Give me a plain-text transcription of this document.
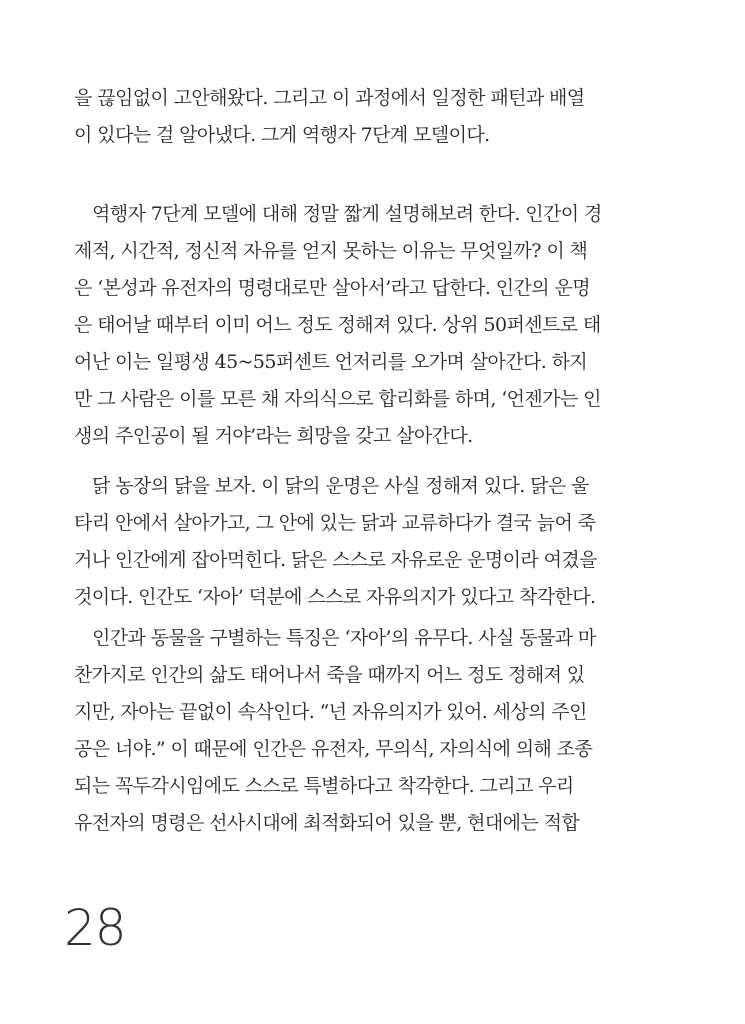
을 끊임없이 고안해왔다. 그리고 이 과정에서 일정한 패턴과 배열
이 있다는 걸 알아냈다. 그게 역행자 7단계 모델이다.
역행자 7단계 모델에 대해 정말 짧게 설명해보려 한다. 인간이 경
제적, 시간적, 정신적 자유를 얻지 못하는 이유는 무엇일까? 이 책
은 ‘본성과 유전자의 명령대로만 살아서’라고 답한다. 인간의 운명
은 태어날 때부터 이미 어느 정도 정해져 있다. 상위 50퍼센트로 태
어난 이는 일평생 45~55퍼센트 언저리를 오가며 살아간다. 하지
만 그 사람은 이를 모른 채 자의식으로 합리화를 하며, ‘언젠가는 인
생의 주인공이 될 거야’라는 희망을 갖고 살아간다.
닭 농장의 닭을 보자. 이 닭의 운명은 사실 정해져 있다. 닭은 울
타리 안에서 살아가고, 그 안에 있는 닭과 교류하다가 결국 늙어 죽
거나 인간에게 잡아먹힌다. 닭은 스스로 자유로운 운명이라 여겼을
것이다. 인간도 ‘자아’ 덕분에 스스로 자유의지가 있다고 착각한다.
인간과 동물을 구별하는 특징은 ‘자아’의 유무다. 사실 동물과 마
찬가지로 인간의 삶도 태어나서 죽을 때까지 어느 정도 정해져 있
지만, 자아는 끝없이 속삭인다. “넌 자유의지가 있어. 세상의 주인
공은 너야.” 이 때문에 인간은 유전자, 무의식, 자의식에 의해 조종
되는 꼭두각시임에도 스스로 특별하다고 착각한다. 그리고 우리
유전자의 명령은 선사시대에 최적화되어 있을 뿐, 현대에는 적합
28
